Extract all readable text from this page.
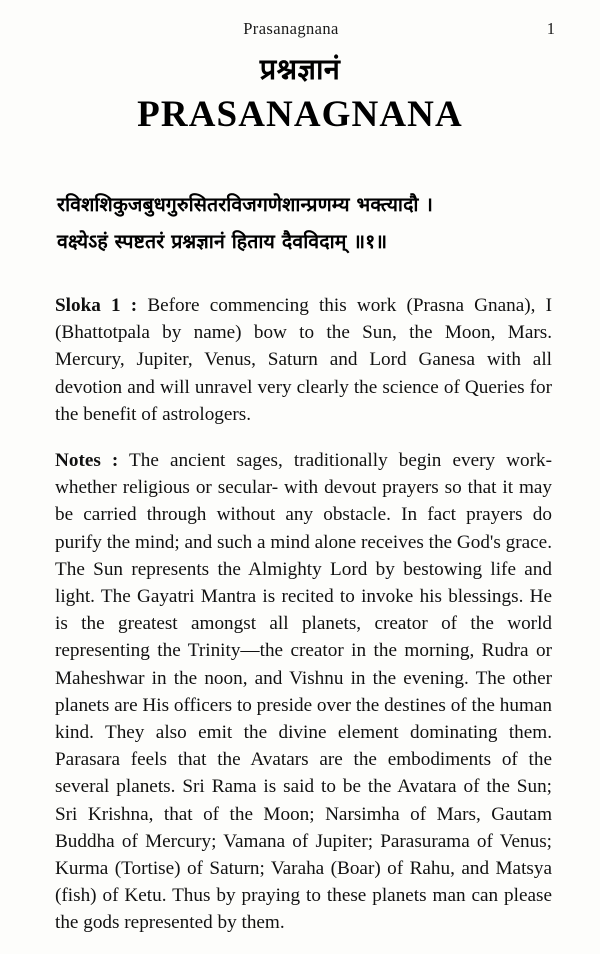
Prasanagnana	1
प्रश्नज्ञानं
PRASANAGNANA
रविशशिकुजबुधगुरुसितरविजगणेशान्प्रणम्य भक्त्यादौ ।
वक्ष्येऽहं स्पष्टतरं प्रश्नज्ञानं हिताय दैवविदाम् ॥१॥

Sloka 1 : Before commencing this work (Prasna Gnana), I (Bhattotpala by name) bow to the Sun, the Moon, Mars. Mercury, Jupiter, Venus, Saturn and Lord Ganesa with all devotion and will unravel very clearly the science of Queries for the benefit of astrologers.

Notes : The ancient sages, traditionally begin every work-whether religious or secular- with devout prayers so that it may be carried through without any obstacle. In fact prayers do purify the mind; and such a mind alone receives the God's grace. The Sun represents the Almighty Lord by bestowing life and light. The Gayatri Mantra is recited to invoke his blessings. He is the greatest amongst all planets, creator of the world representing the Trinity—the creator in the morning, Rudra or Maheshwar in the noon, and Vishnu in the evening. The other planets are His officers to preside over the destines of the human kind. They also emit the divine element dominating them. Parasara feels that the Avatars are the embodiments of the several planets. Sri Rama is said to be the Avatara of the Sun; Sri Krishna, that of the Moon; Narsimha of Mars, Gautam Buddha of Mercury; Vamana of Jupiter; Parasurama of Venus; Kurma (Tortise) of Saturn; Varaha (Boar) of Rahu, and Matsya (fish) of Ketu. Thus by praying to these planets man can please the gods represented by them.
